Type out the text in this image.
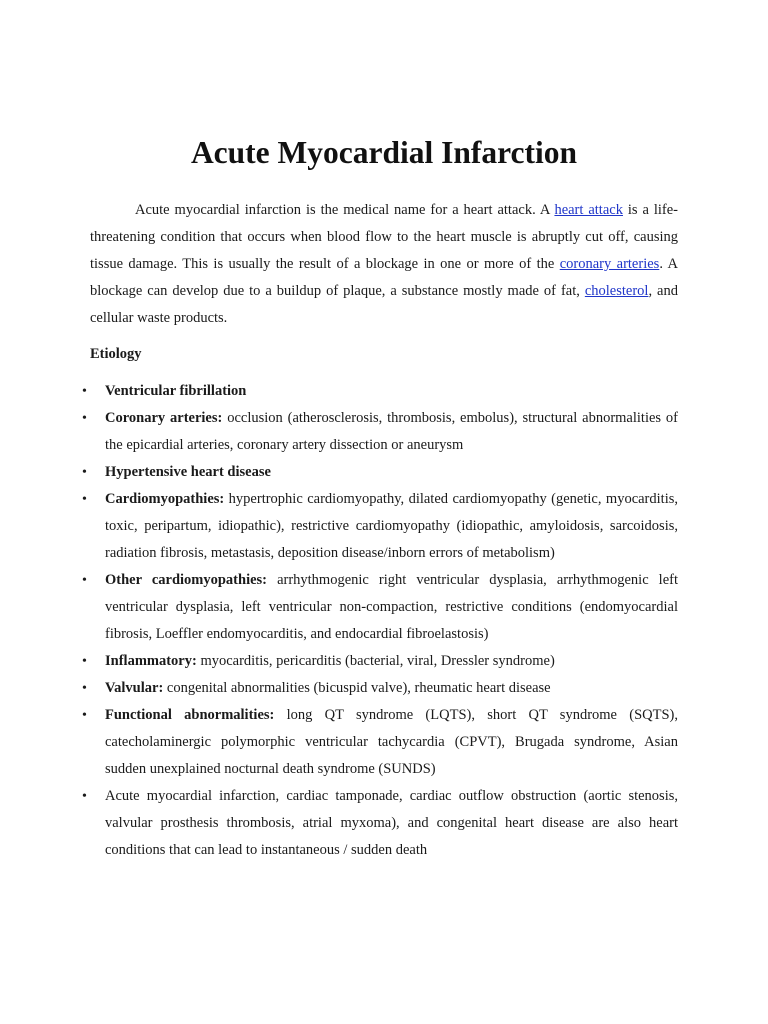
Acute Myocardial Infarction

Acute myocardial infarction is the medical name for a heart attack. A heart attack is a life-threatening condition that occurs when blood flow to the heart muscle is abruptly cut off, causing tissue damage. This is usually the result of a blockage in one or more of the coronary arteries. A blockage can develop due to a buildup of plaque, a substance mostly made of fat, cholesterol, and cellular waste products.

Etiology

• Ventricular fibrillation
• Coronary arteries: occlusion (atherosclerosis, thrombosis, embolus), structural abnormalities of the epicardial arteries, coronary artery dissection or aneurysm
• Hypertensive heart disease
• Cardiomyopathies: hypertrophic cardiomyopathy, dilated cardiomyopathy (genetic, myocarditis, toxic, peripartum, idiopathic), restrictive cardiomyopathy (idiopathic, amyloidosis, sarcoidosis, radiation fibrosis, metastasis, deposition disease/inborn errors of metabolism)
• Other cardiomyopathies: arrhythmogenic right ventricular dysplasia, arrhythmogenic left ventricular dysplasia, left ventricular non-compaction, restrictive conditions (endomyocardial fibrosis, Loeffler endomyocarditis, and endocardial fibroelastosis)
• Inflammatory: myocarditis, pericarditis (bacterial, viral, Dressler syndrome)
• Valvular: congenital abnormalities (bicuspid valve), rheumatic heart disease
• Functional abnormalities: long QT syndrome (LQTS), short QT syndrome (SQTS), catecholaminergic polymorphic ventricular tachycardia (CPVT), Brugada syndrome, Asian sudden unexplained nocturnal death syndrome (SUNDS)
• Acute myocardial infarction, cardiac tamponade, cardiac outflow obstruction (aortic stenosis, valvular prosthesis thrombosis, atrial myxoma), and congenital heart disease are also heart conditions that can lead to instantaneous / sudden death
